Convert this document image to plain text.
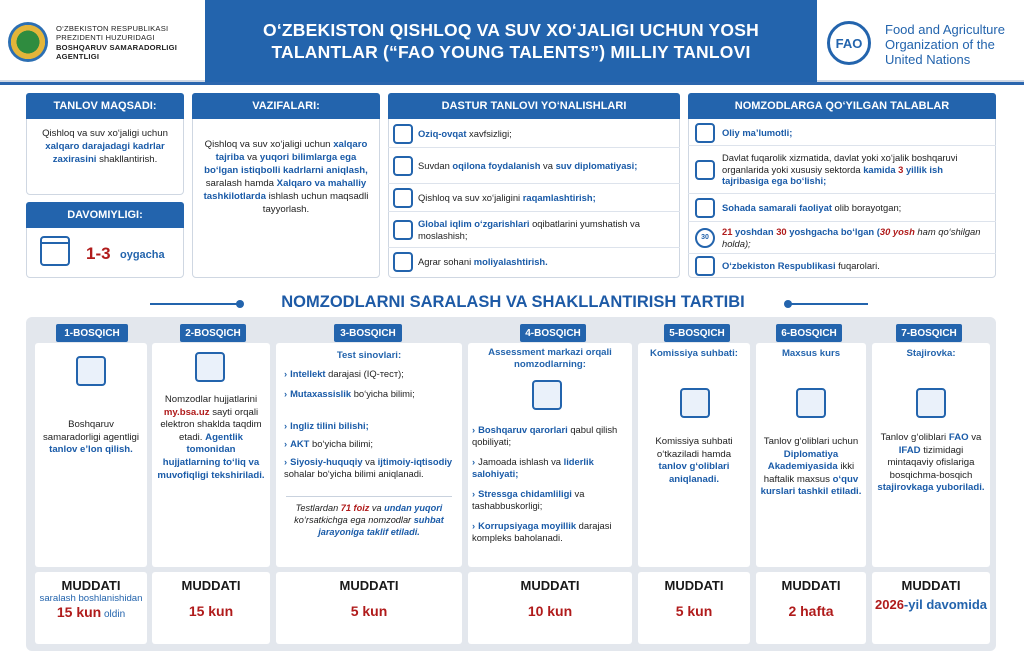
O‘ZBEKISTON RESPUBLIKASI
PREZIDENTI HUZURIDAGI
BOSHQARUV SAMARADORLIGI
AGENTLIGI
O‘ZBEKISTON QISHLOQ VA SUV XO‘JALIGI UCHUN YOSH TALANTLAR (“FAO YOUNG TALENTS”) MILLIY TANLOVI	FAO
Food and Agriculture
Organization of the
United Nations
TANLOV MAQSADI:
Qishloq va suv xo‘jaligi uchun xalqaro darajadagi kadrlar zaxirasini shakllantirish.
DAVOMIYLIGI:
1-3 oygacha
VAZIFALARI:
Qishloq va suv xo‘jaligi uchun xalqaro tajriba va yuqori bilimlarga ega bo‘lgan istiqbolli kadrlarni aniqlash, saralash hamda Xalqaro va mahalliy tashkilotlarda ishlash uchun maqsadli tayyorlash.
DASTUR TANLOVI YO‘NALISHLARI
Oziq-ovqat xavfsizligi;
Suvdan oqilona foydalanish va suv diplomatiyasi;
Qishloq va suv xo‘jaligini raqamlashtirish;
Global iqlim o‘zgarishlari oqibatlarini yumshatish va moslashish;
Agrar sohani moliyalashtirish.
NOMZODLARGA QO‘YILGAN TALABLAR
Oliy ma’lumotli;
Davlat fuqarolik xizmatida, davlat yoki xo‘jalik boshqaruvi organlarida yoki xususiy sektorda kamida 3 yillik ish tajribasiga ega bo‘lishi;
Sohada samarali faoliyat olib borayotgan;
30
21 yoshdan 30 yoshgacha bo‘lgan (30 yosh ham qo‘shilgan holda);
O‘zbekiston Respublikasi fuqarolari.
NOMZODLARNI SARALASH VA SHAKLLANTIRISH TARTIBI
1-BOSQICH
Boshqaruv samaradorligi agentligi tanlov e’lon qilish.
MUDDATI
saralash boshlanishidan
15 kun oldin
2-BOSQICH
Nomzodlar hujjatlarini my.bsa.uz sayti orqali elektron shaklda taqdim etadi. Agentlik tomonidan hujjatlarning to‘liq va muvofiqligi tekshiriladi.
MUDDATI
15 kun
3-BOSQICH
Test sinovlari:
› Intellekt darajasi (IQ-тест);
› Mutaxassislik bo‘yicha bilimi;
› Ingliz tilini bilishi;
› AKT bo‘yicha bilimi;
› Siyosiy-huquqiy va ijtimoiy-iqtisodiy sohalar bo‘yicha bilimi aniqlanadi.
Testlardan 71 foiz va undan yuqori ko‘rsatkichga ega nomzodlar suhbat jarayoniga taklif etiladi.
MUDDATI
5 kun
4-BOSQICH
Assessment markazi orqali nomzodlarning:
› Boshqaruv qarorlari qabul qilish qobiliyati;
› Jamoada ishlash va liderlik salohiyati;
› Stressga chidamliligi va tashabbuskorligi;
› Korrupsiyaga moyillik darajasi kompleks baholanadi.
MUDDATI
10 kun
5-BOSQICH
Komissiya suhbati:
Komissiya suhbati o‘tkaziladi hamda tanlov g‘oliblari aniqlanadi.
MUDDATI
5 kun
6-BOSQICH
Maxsus kurs
Tanlov g‘oliblari uchun Diplomatiya Akademiyasida ikki haftalik maxsus o‘quv kurslari tashkil etiladi.
MUDDATI
2 hafta
7-BOSQICH
Stajirovka:
Tanlov g‘oliblari FAO va IFAD tizimidagi mintaqaviy ofislariga bosqichma-bosqich stajirovkaga yuboriladi.
MUDDATI
2026-yil davomida
